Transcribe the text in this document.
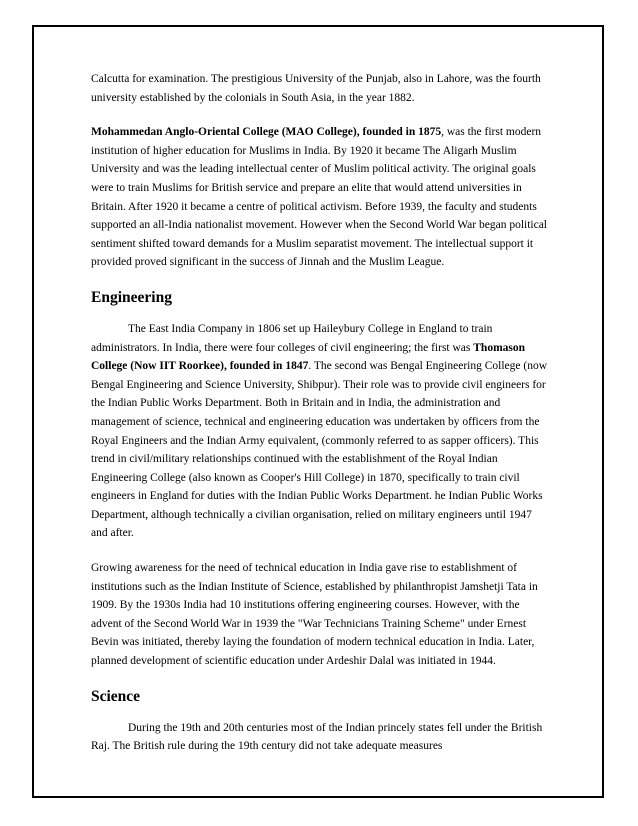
Calcutta for examination. The prestigious University of the Punjab, also in Lahore, was the fourth university established by the colonials in South Asia, in the year 1882.

Mohammedan Anglo-Oriental College (MAO College), founded in 1875, was the first modern institution of higher education for Muslims in India. By 1920 it became The Aligarh Muslim University and was the leading intellectual center of Muslim political activity. The original goals were to train Muslims for British service and prepare an elite that would attend universities in Britain. After 1920 it became a centre of political activism. Before 1939, the faculty and students supported an all-India nationalist movement. However when the Second World War began political sentiment shifted toward demands for a Muslim separatist movement. The intellectual support it provided proved significant in the success of Jinnah and the Muslim League.

Engineering

The East India Company in 1806 set up Haileybury College in England to train administrators. In India, there were four colleges of civil engineering; the first was Thomason College (Now IIT Roorkee), founded in 1847. The second was Bengal Engineering College (now Bengal Engineering and Science University, Shibpur). Their role was to provide civil engineers for the Indian Public Works Department. Both in Britain and in India, the administration and management of science, technical and engineering education was undertaken by officers from the Royal Engineers and the Indian Army equivalent, (commonly referred to as sapper officers). This trend in civil/military relationships continued with the establishment of the Royal Indian Engineering College (also known as Cooper's Hill College) in 1870, specifically to train civil engineers in England for duties with the Indian Public Works Department. he Indian Public Works Department, although technically a civilian organisation, relied on military engineers until 1947 and after.

Growing awareness for the need of technical education in India gave rise to establishment of institutions such as the Indian Institute of Science, established by philanthropist Jamshetji Tata in 1909. By the 1930s India had 10 institutions offering engineering courses. However, with the advent of the Second World War in 1939 the "War Technicians Training Scheme" under Ernest Bevin was initiated, thereby laying the foundation of modern technical education in India. Later, planned development of scientific education under Ardeshir Dalal was initiated in 1944.

Science

During the 19th and 20th centuries most of the Indian princely states fell under the British Raj. The British rule during the 19th century did not take adequate measures
